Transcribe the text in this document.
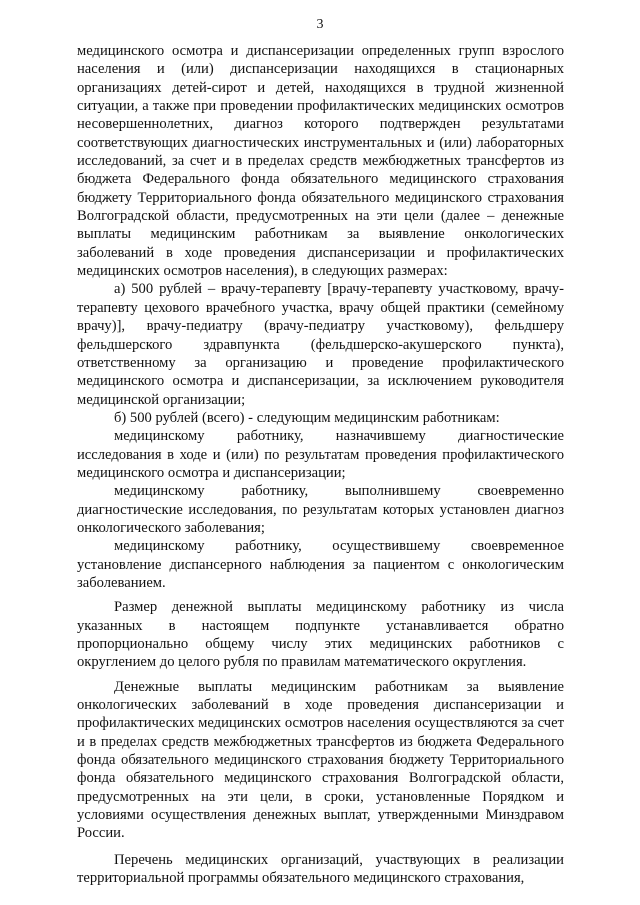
3

медицинского осмотра и диспансеризации определенных групп взрослого населения и (или) диспансеризации находящихся в стационарных организациях детей-сирот и детей, находящихся в трудной жизненной ситуации, а также при проведении профилактических медицинских осмотров несовершеннолетних, диагноз которого подтвержден результатами соответствующих диагностических инструментальных и (или) лабораторных исследований, за счет и в пределах средств межбюджетных трансфертов из бюджета Федерального фонда обязательного медицинского страхования бюджету Территориального фонда обязательного медицинского страхования Волгоградской области, предусмотренных на эти цели (далее – денежные выплаты медицинским работникам за выявление онкологических заболеваний в ходе проведения диспансеризации и профилактических медицинских осмотров населения), в следующих размерах:

а) 500 рублей – врачу-терапевту [врачу-терапевту участковому, врачу-терапевту цехового врачебного участка, врачу общей практики (семейному врачу)], врачу-педиатру (врачу-педиатру участковому), фельдшеру фельдшерского здравпункта (фельдшерско-акушерского пункта), ответственному за организацию и проведение профилактического медицинского осмотра и диспансеризации, за исключением руководителя медицинской организации;

б) 500 рублей (всего) - следующим медицинским работникам:

медицинскому работнику, назначившему диагностические исследования в ходе и (или) по результатам проведения профилактического медицинского осмотра и диспансеризации;

медицинскому работнику, выполнившему своевременно диагностические исследования, по результатам которых установлен диагноз онкологического заболевания;

медицинскому работнику, осуществившему своевременное установление диспансерного наблюдения за пациентом с онкологическим заболеванием.

Размер денежной выплаты медицинскому работнику из числа указанных в настоящем подпункте устанавливается обратно пропорционально общему числу этих медицинских работников с округлением до целого рубля по правилам математического округления.

Денежные выплаты медицинским работникам за выявление онкологических заболеваний в ходе проведения диспансеризации и профилактических медицинских осмотров населения осуществляются за счет и в пределах средств межбюджетных трансфертов из бюджета Федерального фонда обязательного медицинского страхования бюджету Территориального фонда обязательного медицинского страхования Волгоградской области, предусмотренных на эти цели, в сроки, установленные Порядком и условиями осуществления денежных выплат, утвержденными Минздравом России.

Перечень медицинских организаций, участвующих в реализации территориальной программы обязательного медицинского страхования,
